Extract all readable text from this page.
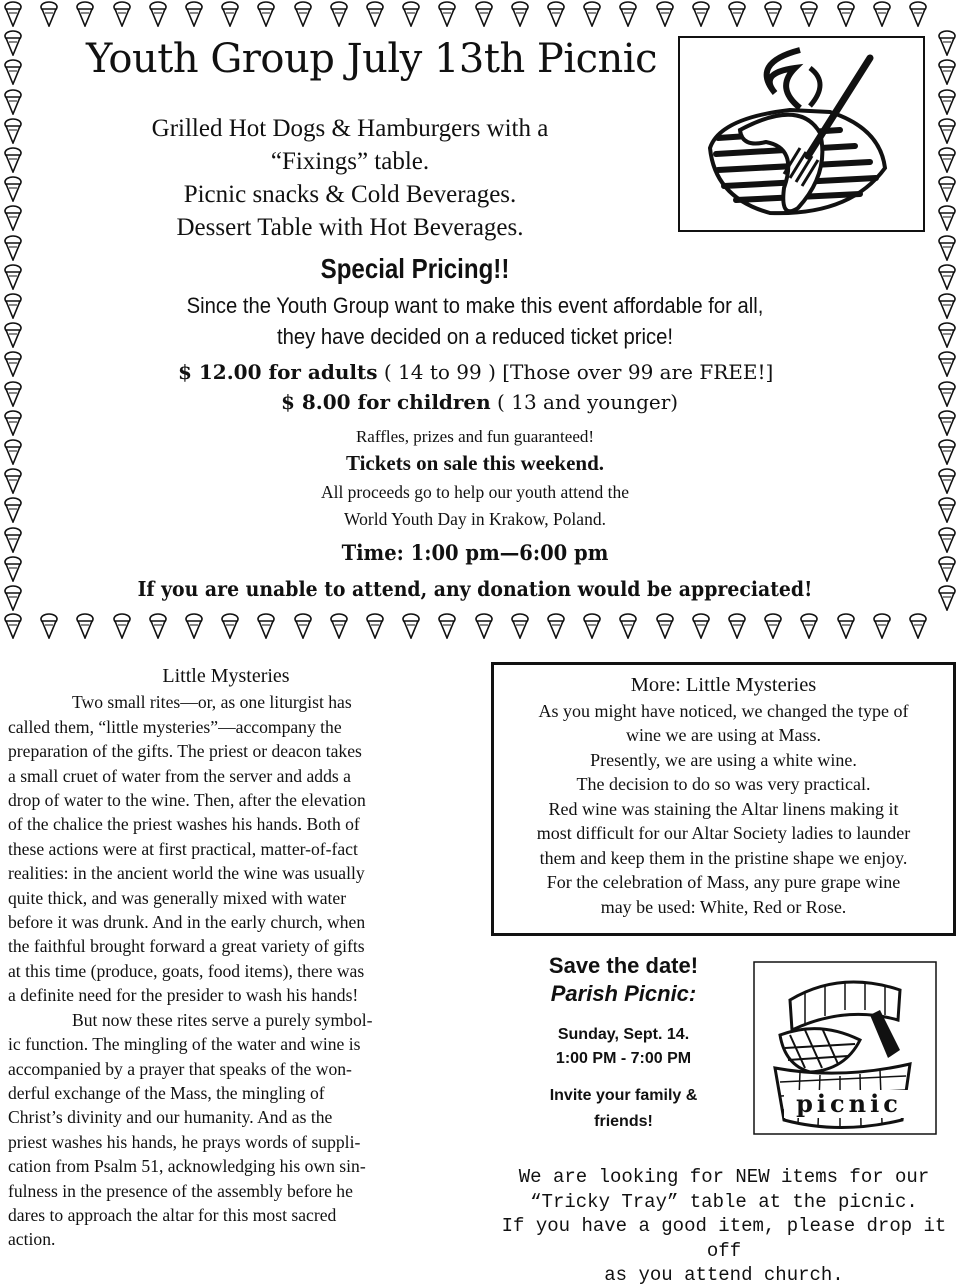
Youth Group July 13th Picnic
Grilled Hot Dogs & Hamburgers with a
“Fixings” table.
Picnic snacks & Cold Beverages.
Dessert Table with Hot Beverages.
Special Pricing!!
Since the Youth Group want to make this event affordable for all,
they have decided on a reduced ticket price!
$ 12.00 for adults ( 14 to 99 ) [Those over 99 are FREE!]
$ 8.00 for children ( 13 and younger)
Raffles, prizes and fun guaranteed!
Tickets on sale this weekend.
All proceeds go to help our youth attend the
World Youth Day in Krakow, Poland.
Time: 1:00 pm—6:00 pm
If you are unable to attend, any donation would be appreciated!
Little Mysteries
Two small rites—or, as one liturgist has
called them, “little mysteries”—accompany the
preparation of the gifts. The priest or deacon takes
a small cruet of water from the server and adds a
drop of water to the wine. Then, after the elevation
of the chalice the priest washes his hands. Both of
these actions were at first practical, matter-of-fact
realities: in the ancient world the wine was usually
quite thick, and was generally mixed with water
before it was drunk. And in the early church, when
the faithful brought forward a great variety of gifts
at this time (produce, goats, food items), there was
a definite need for the presider to wash his hands!
But now these rites serve a purely symbol-
ic function. The mingling of the water and wine is
accompanied by a prayer that speaks of the won-
derful exchange of the Mass, the mingling of
Christ’s divinity and our humanity. And as the
priest washes his hands, he prays words of suppli-
cation from Psalm 51, acknowledging his own sin-
fulness in the presence of the assembly before he
dares to approach the altar for this most sacred
action.
More: Little Mysteries
As you might have noticed, we changed the type of
wine we are using at Mass.
Presently, we are using a white wine.
The decision to do so was very practical.
Red wine was staining the Altar linens making it
most difficult for our Altar Society ladies to launder
them and keep them in the pristine shape we enjoy.
For the celebration of Mass, any pure grape wine
may be used: White, Red or Rose.
Save the date!
Parish Picnic:
Sunday, Sept. 14.
1:00 PM - 7:00 PM
Invite your family &
friends!
picnic
We are looking for NEW items for our
“Tricky Tray” table at the picnic.
If you have a good item, please drop it off
as you attend church.
